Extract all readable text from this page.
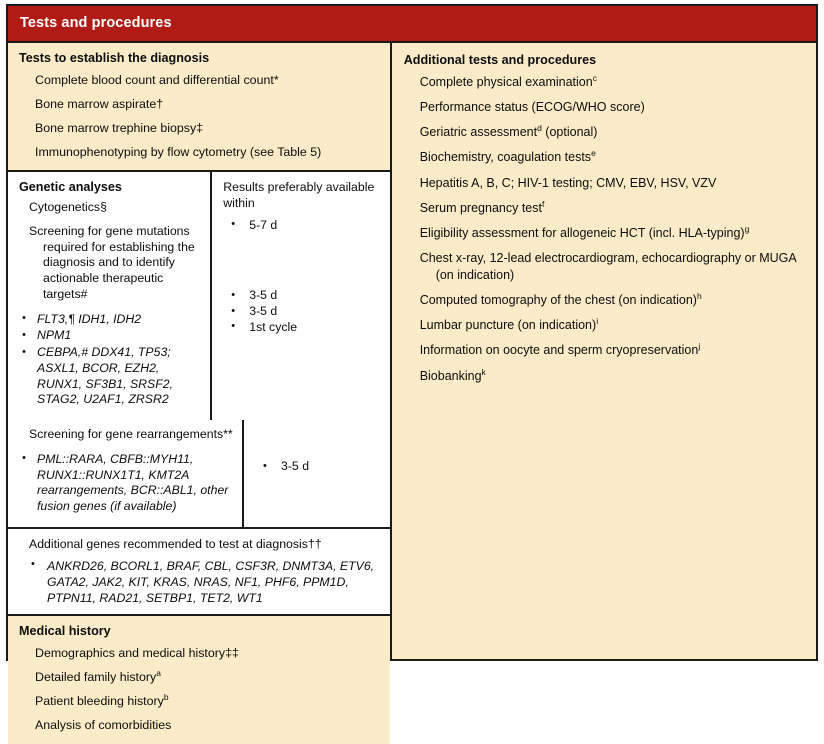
Tests and procedures
Tests to establish the diagnosis
Complete blood count and differential count*
Bone marrow aspirate†
Bone marrow trephine biopsy‡
Immunophenotyping by flow cytometry (see Table 5)
Genetic analyses
Cytogenetics§
Screening for gene mutations required for establishing the diagnosis and to identify actionable therapeutic targets#
• FLT3,¶ IDH1, IDH2
• NPM1
• CEBPA,# DDX41, TP53; ASXL1, BCOR, EZH2, RUNX1, SF3B1, SRSF2, STAG2, U2AF1, ZRSR2
Results preferably available within
• 5-7 d
• 3-5 d
• 3-5 d
• 1st cycle
Screening for gene rearrangements**
• PML::RARA, CBFB::MYH11, RUNX1::RUNX1T1, KMT2A rearrangements, BCR::ABL1, other fusion genes (if available)
• 3-5 d
Additional genes recommended to test at diagnosis††
• ANKRD26, BCORL1, BRAF, CBL, CSF3R, DNMT3A, ETV6, GATA2, JAK2, KIT, KRAS, NRAS, NF1, PHF6, PPM1D, PTPN11, RAD21, SETBP1, TET2, WT1
Medical history
Demographics and medical history‡‡
Detailed family history$^a$
Patient bleeding history$^b$
Analysis of comorbidities
Additional tests and procedures
Complete physical examination$^c$
Performance status (ECOG/WHO score)
Geriatric assessment$^d$ (optional)
Biochemistry, coagulation tests$^e$
Hepatitis A, B, C; HIV-1 testing; CMV, EBV, HSV, VZV
Serum pregnancy test$^f$
Eligibility assessment for allogeneic HCT (incl. HLA-typing)$^g$
Chest x-ray, 12-lead electrocardiogram, echocardiography or MUGA (on indication)
Computed tomography of the chest (on indication)$^h$
Lumbar puncture (on indication)$^i$
Information on oocyte and sperm cryopreservation$^j$
Biobanking$^k$
